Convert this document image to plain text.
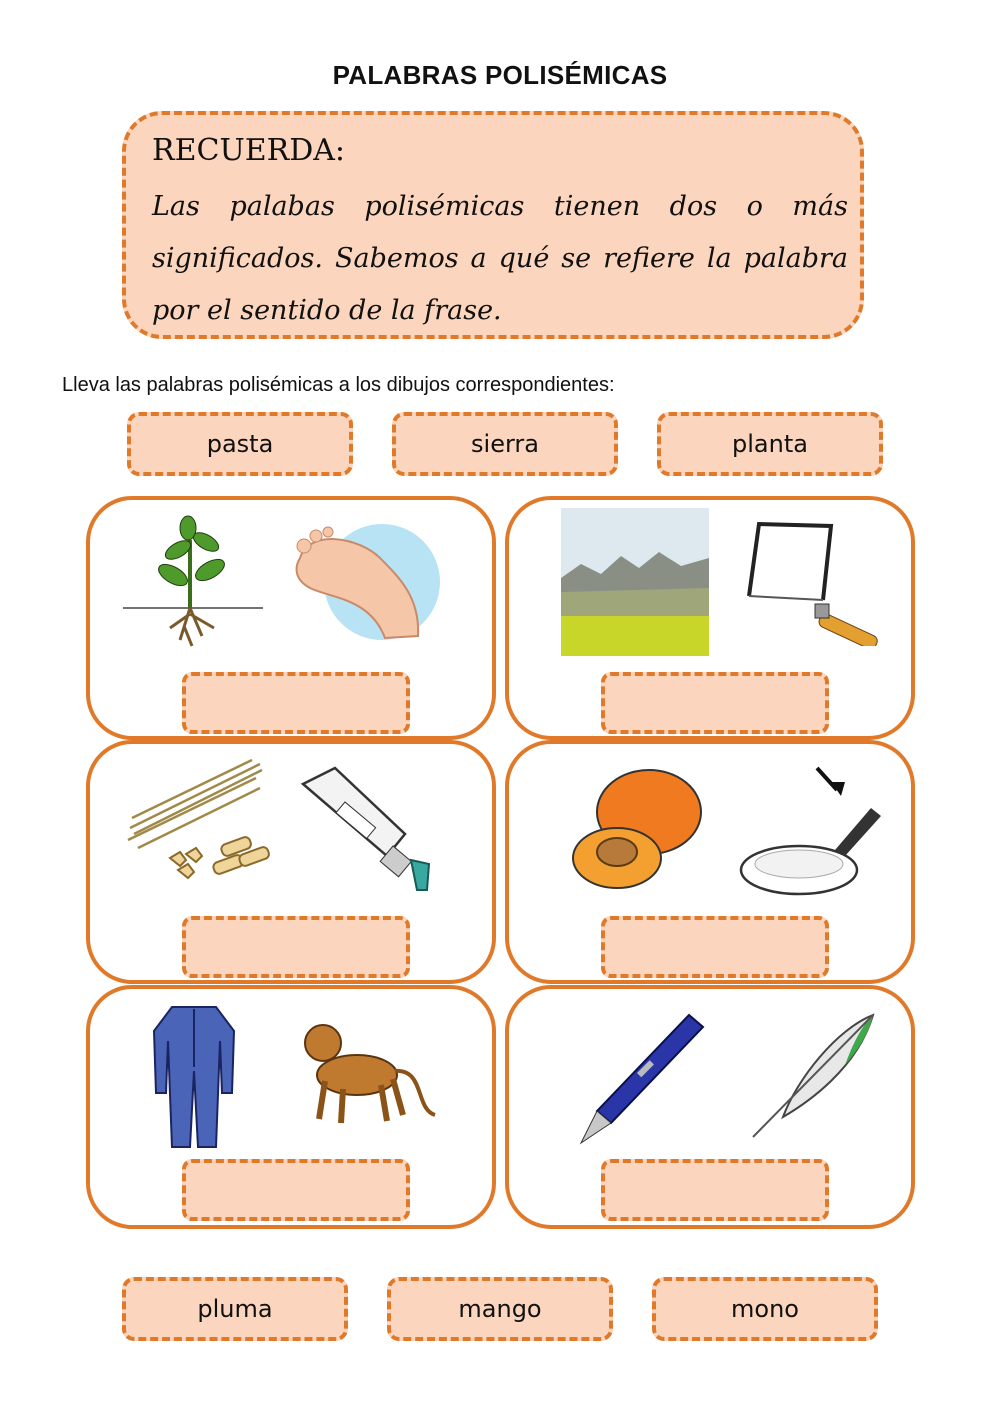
PALABRAS POLISÉMICAS
RECUERDA:
Las palabas polisémicas tienen dos o más significados. Sabemos a qué se refiere la palabra por el sentido de la frase.
Lleva las palabras polisémicas a los dibujos correspondientes:
pasta	sierra	planta
pluma	mango	mono
